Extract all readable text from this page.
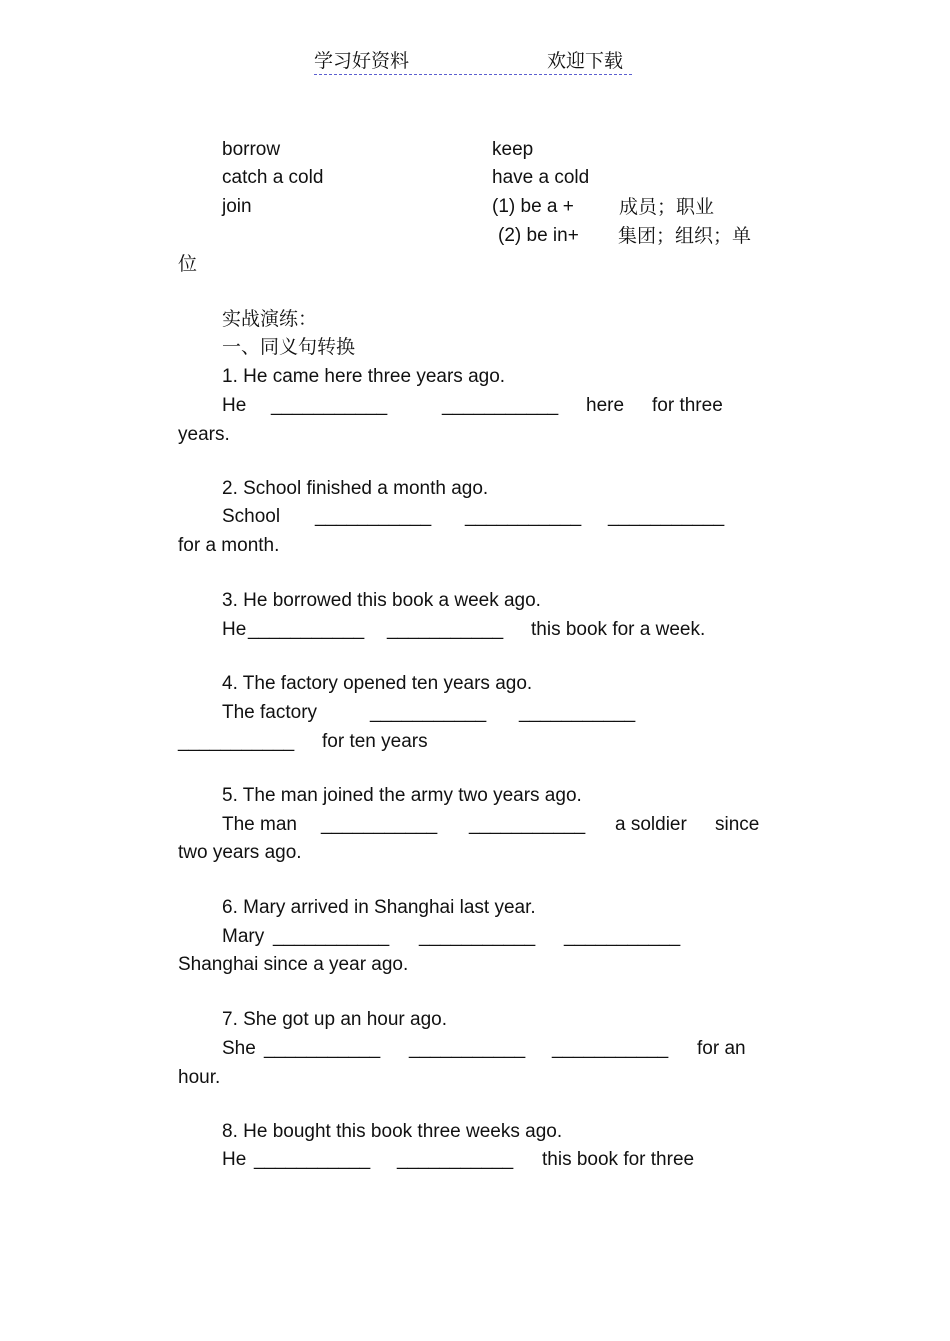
学习好资料	欢迎下载
borrow	keep
catch a cold	have a cold
join	(1) be a + 成员；职业
(2) be in+ 集团；组织；单
位
实战演练：
一、同义句转换
1. He came here three years ago.
He ___________	___________ here for three
years.
2. School finished a month ago.
School ___________ ___________ ___________
for a month.
3. He borrowed this book a week ago.
He ___________ ___________ this book for a week.
4. The factory opened ten years ago.
The factory	___________ ___________
___________ for ten years
5. The man joined the army two years ago.
The man ___________ ___________ a soldier since
two years ago.
6. Mary arrived in Shanghai last year.
Mary ___________ ___________ ___________
Shanghai since a year ago.
7. She got up an hour ago.
She ___________ ___________ ___________ for an
hour.
8. He bought this book three weeks ago.
He ___________ ___________ this book for three
